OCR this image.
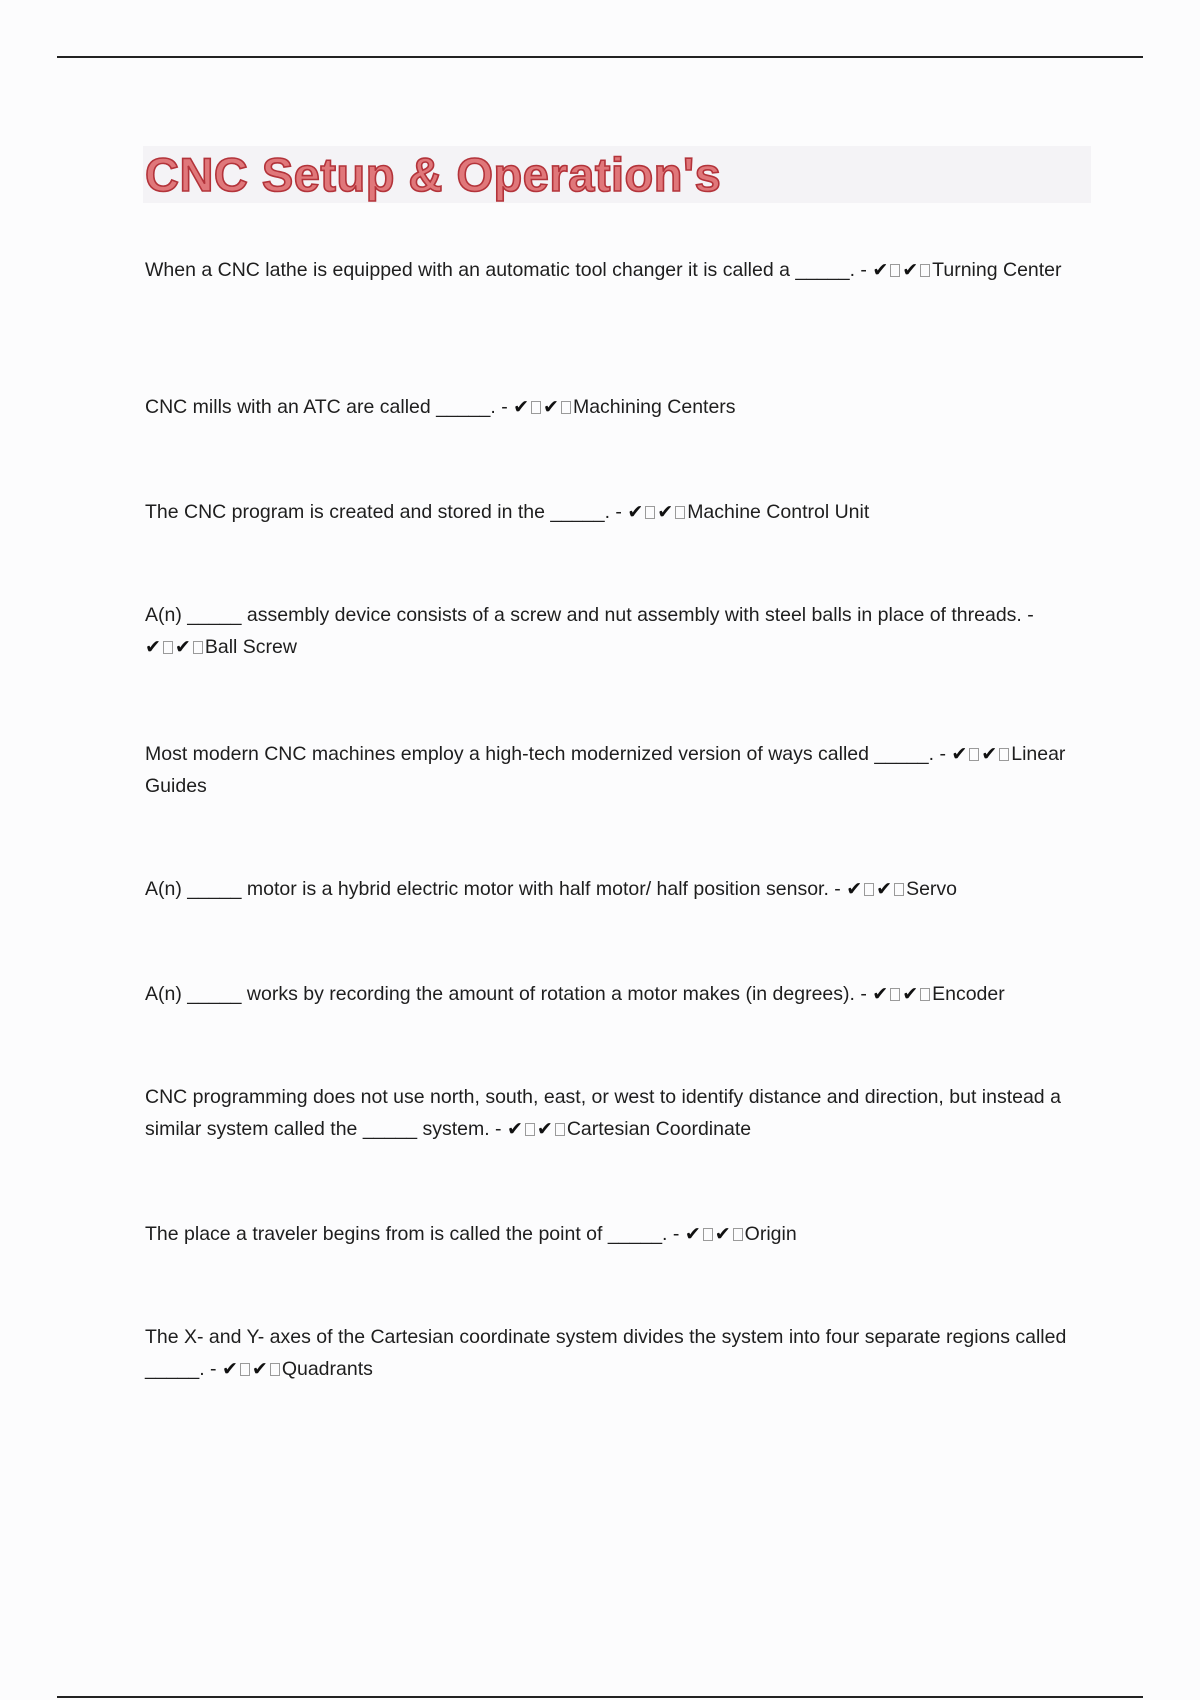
CNC Setup & Operation's

When a CNC lathe is equipped with an automatic tool changer it is called a _____. - ✔ ✔ Turning Center

CNC mills with an ATC are called _____. - ✔ ✔ Machining Centers

The CNC program is created and stored in the _____. - ✔ ✔ Machine Control Unit

A(n) _____ assembly device consists of a screw and nut assembly with steel balls in place of threads. - ✔ ✔ Ball Screw

Most modern CNC machines employ a high-tech modernized version of ways called _____. - ✔ ✔ Linear Guides

A(n) _____ motor is a hybrid electric motor with half motor/ half position sensor. - ✔ ✔ Servo

A(n) _____ works by recording the amount of rotation a motor makes (in degrees). - ✔ ✔ Encoder

CNC programming does not use north, south, east, or west to identify distance and direction, but instead a similar system called the _____ system. - ✔ ✔ Cartesian Coordinate

The place a traveler begins from is called the point of _____. - ✔ ✔ Origin

The X- and Y- axes of the Cartesian coordinate system divides the system into four separate regions called _____. - ✔ ✔ Quadrants
